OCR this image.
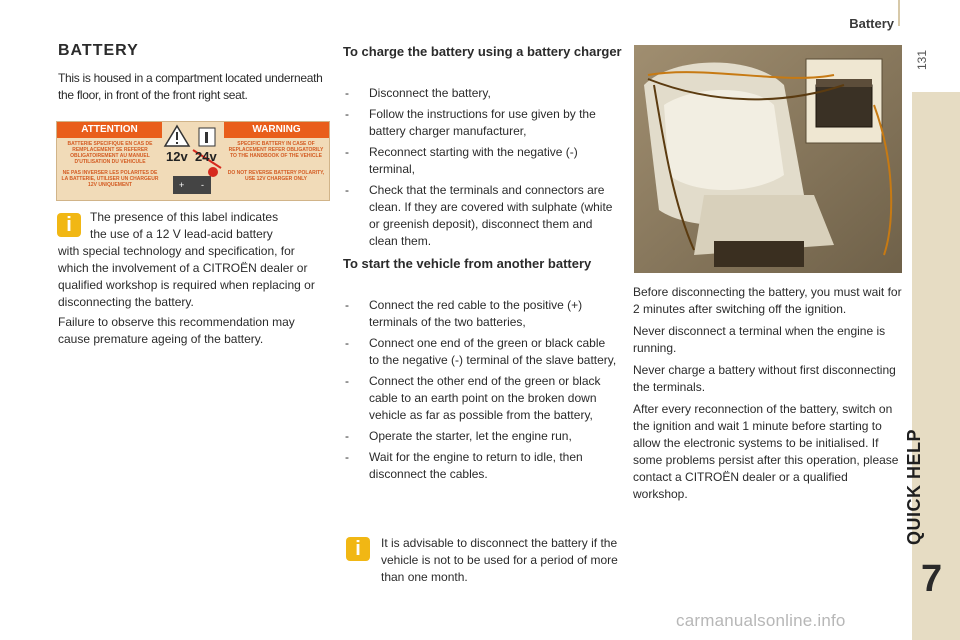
Battery
131
QUICK HELP
7
BATTERY
This is housed in a compartment located underneath the floor, in front of the front right seat.
ATTENTION	WARNING
BATTERIE SPECIFIQUE EN CAS DE REMPLACEMENT SE REFERER OBLIGATOIREMENT AU MANUEL D'UTILISATION DU VEHICULE
SPECIFIC BATTERY IN CASE OF REPLACEMENT REFER OBLIGATORILY TO THE HANDBOOK OF THE VEHICLE
NE PAS INVERSER LES POLARITES DE LA BATTERIE, UTILISER UN CHARGEUR 12V UNIQUEMENT
DO NOT REVERSE BATTERY POLARITY, USE 12V CHARGER ONLY
+ -
12v 24v
i	The presence of this label indicates
the use of a 12 V lead-acid battery
with special technology and specification, for which the involvement of a CITROËN dealer or qualified workshop is required when replacing or disconnecting the battery.
Failure to observe this recommendation may cause premature ageing of the battery.
To charge the battery using a battery charger
- Disconnect the battery,
- Follow the instructions for use given by the battery charger manufacturer,
- Reconnect starting with the negative (-) terminal,
- Check that the terminals and connectors are clean. If they are covered with sulphate (white or greenish deposit), disconnect them and clean them.
To start the vehicle from another battery
- Connect the red cable to the positive (+) terminals of the two batteries,
- Connect one end of the green or black cable to the negative (-) terminal of the slave battery,
- Connect the other end of the green or black cable to an earth point on the broken down vehicle as far as possible from the battery,
- Operate the starter, let the engine run,
- Wait for the engine to return to idle, then disconnect the cables.
i	It is advisable to disconnect the battery if the vehicle is not to be used for a period of more than one month.

Before disconnecting the battery, you must wait for 2 minutes after switching off the ignition.

Never disconnect a terminal when the engine is running.

Never charge a battery without first disconnecting the terminals.

After every reconnection of the battery, switch on the ignition and wait 1 minute before starting to allow the electronic systems to be initialised. If some problems persist after this operation, please contact a CITROËN dealer or a qualified workshop.

carmanualsonline.info
